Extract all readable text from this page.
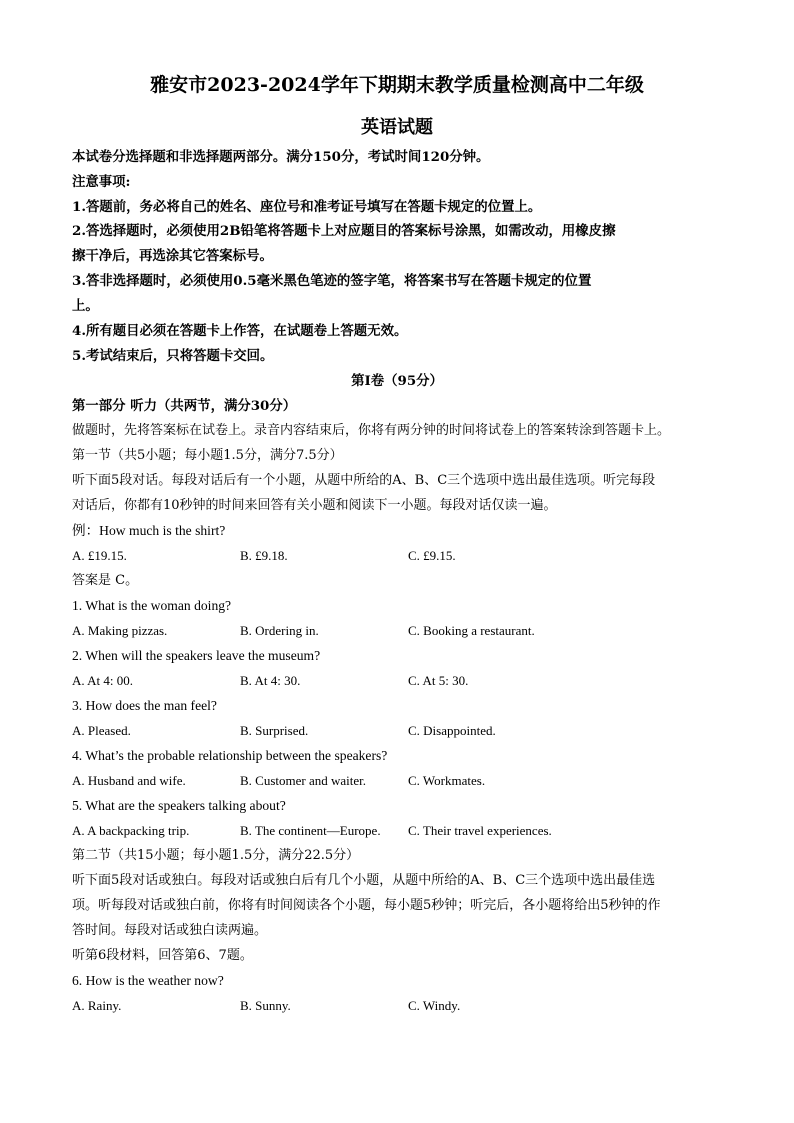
雅安市2023-2024学年下期期末教学质量检测高中二年级
英语试题
本试卷分选择题和非选择题两部分。满分150分，考试时间120分钟。
注意事项:
1.答题前，务必将自己的姓名、座位号和准考证号填写在答题卡规定的位置上。
2.答选择题时，必须使用2B铅笔将答题卡上对应题目的答案标号涂黑，如需改动，用橡皮擦
擦干净后，再选涂其它答案标号。
3.答非选择题时，必须使用0.5毫米黑色笔迹的签字笔，将答案书写在答题卡规定的位置
上。
4.所有题目必须在答题卡上作答，在试题卷上答题无效。
5.考试结束后，只将答题卡交回。
第I卷（95分）
第一部分 听力（共两节，满分30分）
做题时，先将答案标在试卷上。录音内容结束后，你将有两分钟的时间将试卷上的答案转涂到答题卡上。
第一节（共5小题；每小题1.5分，满分7.5分）
听下面5段对话。每段对话后有一个小题，从题中所给的A、B、C三个选项中选出最佳选项。听完每段
对话后，你都有10秒钟的时间来回答有关小题和阅读下一小题。每段对话仅读一遍。
例：How much is the shirt?
A. £19.15.	B. £9.18.	C. £9.15.
答案是 C。
1. What is the woman doing?
A. Making pizzas.	B. Ordering in.	C. Booking a restaurant.
2. When will the speakers leave the museum?
A. At 4: 00.	B. At 4: 30.	C. At 5: 30.
3. How does the man feel?
A. Pleased.	B. Surprised.	C. Disappointed.
4. What’s the probable relationship between the speakers?
A. Husband and wife.	B. Customer and waiter.	C. Workmates.
5. What are the speakers talking about?
A. A backpacking trip.	B. The continent—Europe. C. Their travel experiences.
第二节（共15小题；每小题1.5分，满分22.5分）
听下面5段对话或独白。每段对话或独白后有几个小题，从题中所给的A、B、C三个选项中选出最佳选
项。听每段对话或独白前，你将有时间阅读各个小题，每小题5秒钟；听完后，各小题将给出5秒钟的作
答时间。每段对话或独白读两遍。
听第6段材料，回答第6、7题。
6. How is the weather now?
A. Rainy.	B. Sunny.	C. Windy.
